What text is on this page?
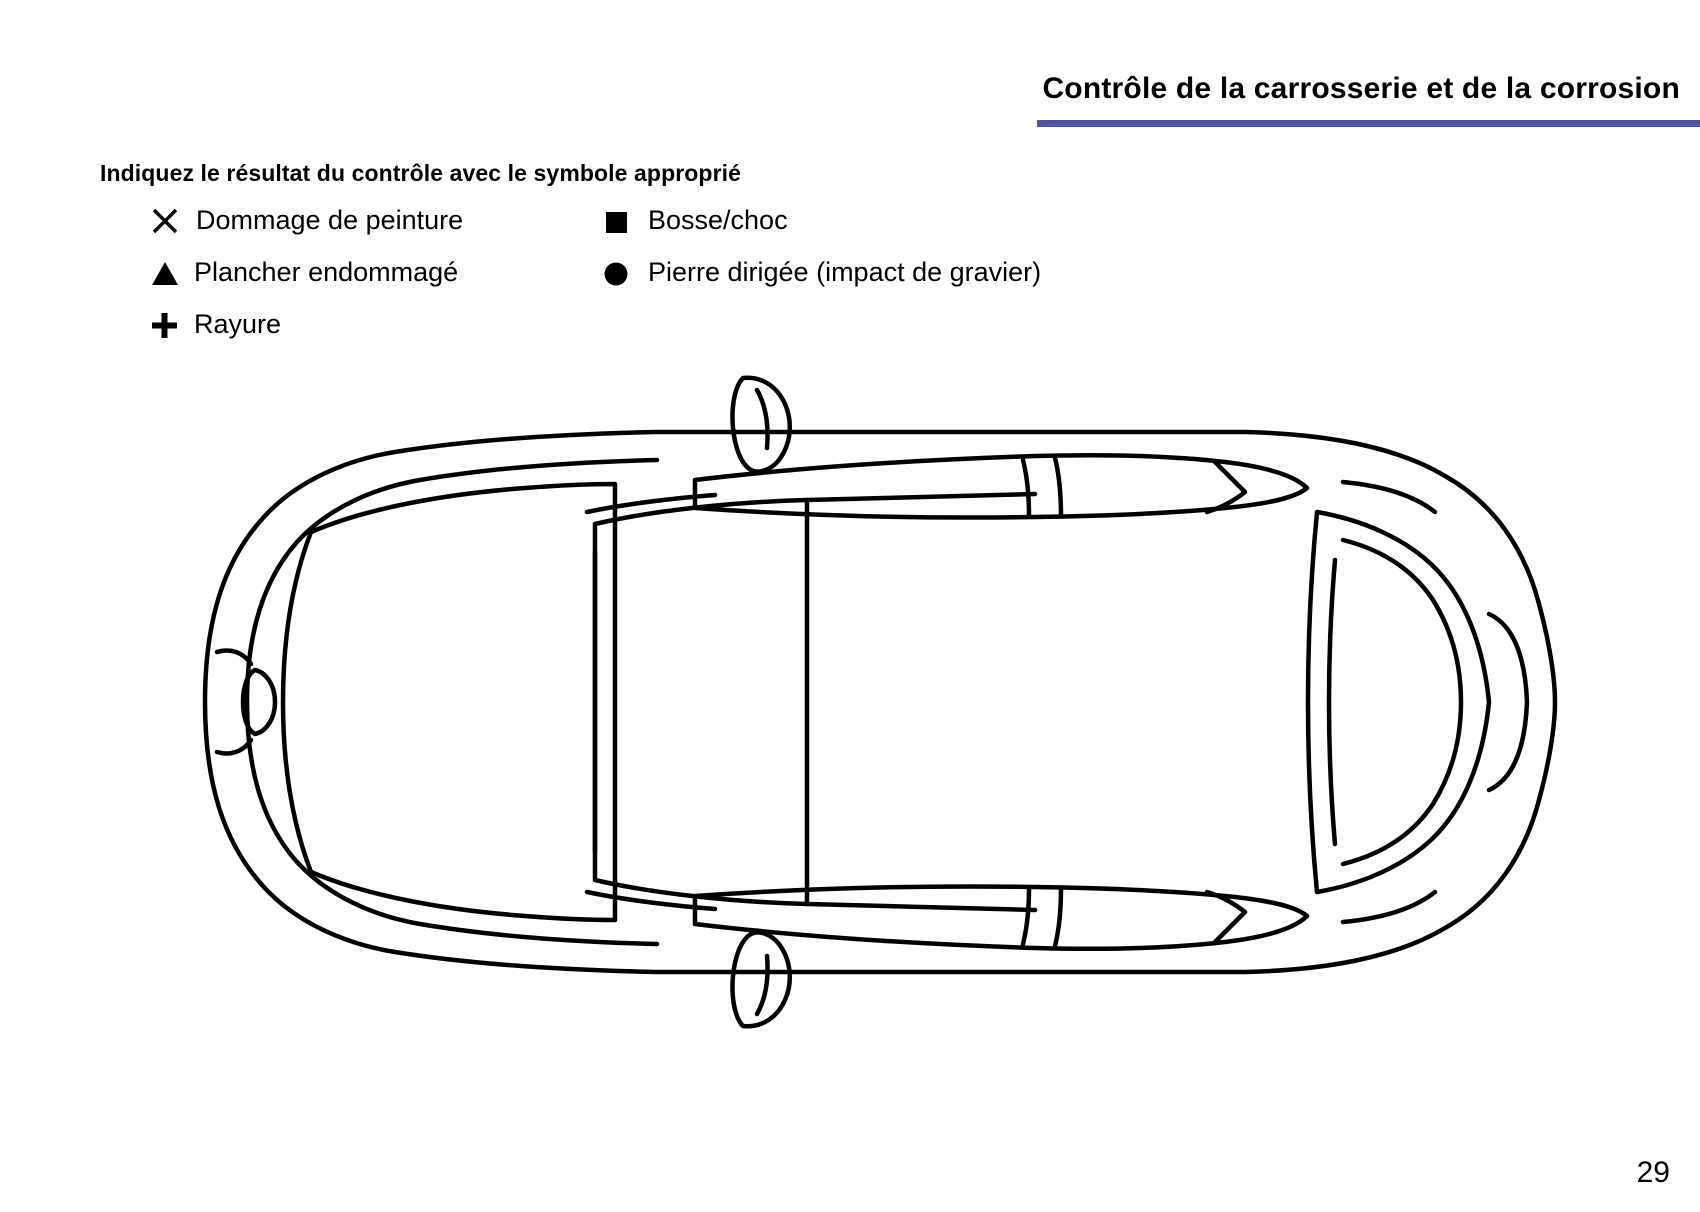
Contrôle de la carrosserie et de la corrosion
Indiquez le résultat du contrôle avec le symbole approprié
Dommage de peinture	Bosse/choc
Plancher endommagé	Pierre dirigée (impact de gravier)
Rayure
29
